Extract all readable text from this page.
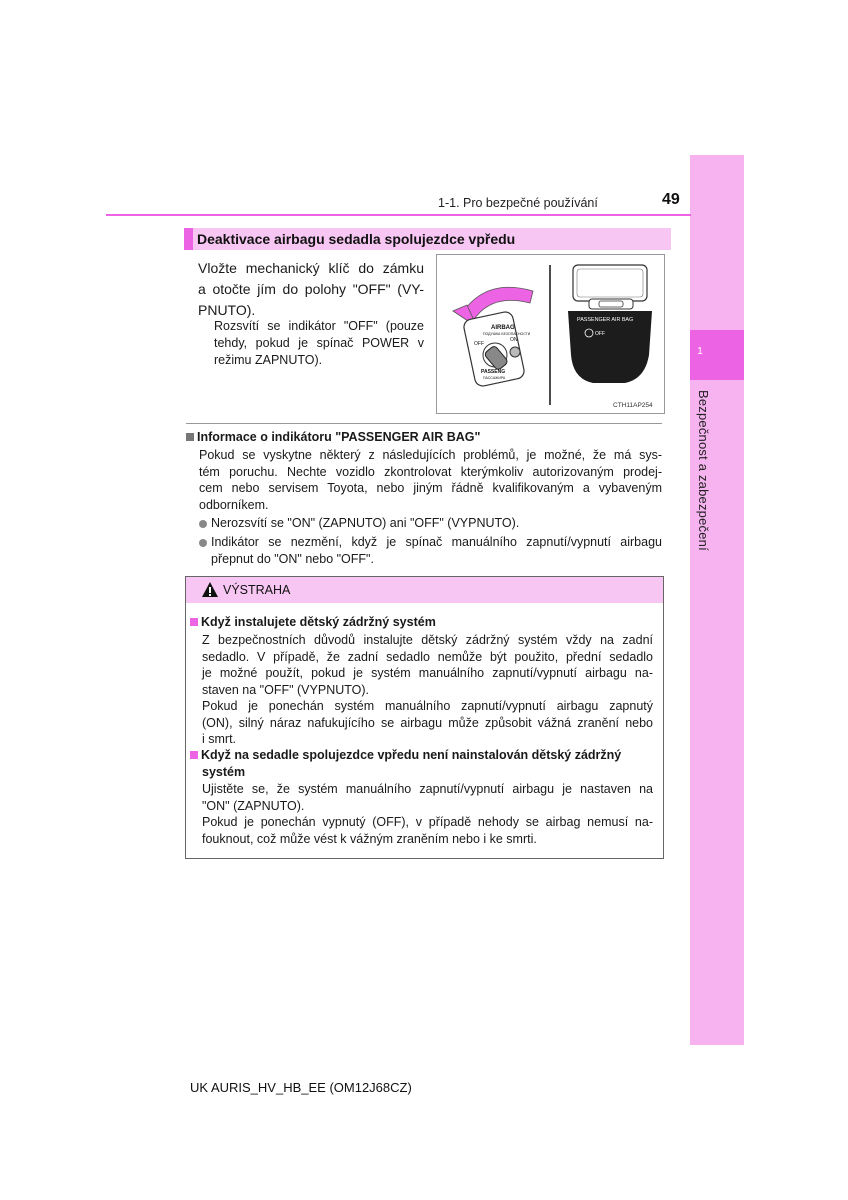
1
Bezpečnost a zabezpečení
1-1. Pro bezpečné používání	49
Deaktivace airbagu sedadla spolujezdce vpředu
Vložte mechanický klíč do zámku
a otočte jím do polohy "OFF" (VY-
PNUTO).
Rozsvítí se indikátor "OFF" (pouze tehdy, pokud je spínač POWER v režimu ZAPNUTO).
AIRBAG
ПОДУШКА БЕЗОПАСНОСТИ
OFF
ON
PASSENG
ПАССАЖИРА
PASSENGER AIR BAG
OFF
CTH11AP254
Informace o indikátoru "PASSENGER AIR BAG"
Pokud se vyskytne některý z následujících problémů, je možné, že má sys-
tém poruchu. Nechte vozidlo zkontrolovat kterýmkoliv autorizovaným prodej-
cem nebo servisem Toyota, nebo jiným řádně kvalifikovaným a vybaveným
odborníkem.
Nerozsvítí se "ON" (ZAPNUTO) ani "OFF" (VYPNUTO).
Indikátor se nezmění, když je spínač manuálního zapnutí/vypnutí airbagu
přepnut do "ON" nebo "OFF".
VÝSTRAHA
Když instalujete dětský zádržný systém
Z bezpečnostních důvodů instalujte dětský zádržný systém vždy na zadní
sedadlo. V případě, že zadní sedadlo nemůže být použito, přední sedadlo
je možné použít, pokud je systém manuálního zapnutí/vypnutí airbagu na-
staven na "OFF" (VYPNUTO).
Pokud je ponechán systém manuálního zapnutí/vypnutí airbagu zapnutý
(ON), silný náraz nafukujícího se airbagu může způsobit vážná zranění nebo
i smrt.
Když na sedadle spolujezdce vpředu není nainstalován dětský zádržný
systém
Ujistěte se, že systém manuálního zapnutí/vypnutí airbagu je nastaven na
"ON" (ZAPNUTO).
Pokud je ponechán vypnutý (OFF), v případě nehody se airbag nemusí na-
fouknout, což může vést k vážným zraněním nebo i ke smrti.
UK AURIS_HV_HB_EE (OM12J68CZ)
